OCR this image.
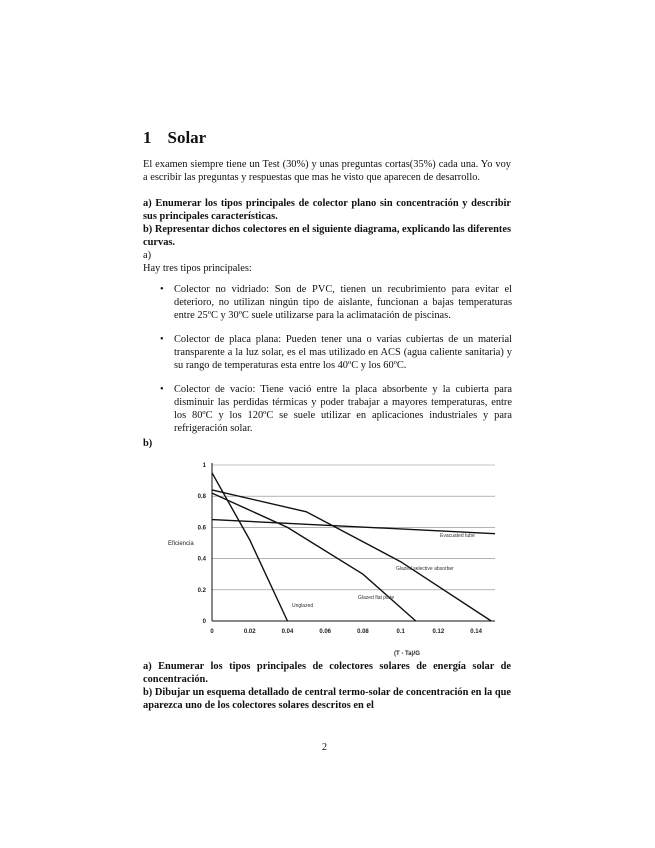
1 Solar
El examen siempre tiene un Test (30%) y unas preguntas cortas(35%) cada una. Yo voy a escribir las preguntas y respuestas que mas he visto que aparecen de desarrollo.
a) Enumerar los tipos principales de colector plano sin concentración y describir sus principales características.
b) Representar dichos colectores en el siguiente diagrama, explicando las diferentes curvas.
a)
Hay tres tipos principales:
• Colector no vidriado: Son de PVC, tienen un recubrimiento para evitar el deterioro, no utilizan ningún tipo de aislante, funcionan a bajas temperaturas entre 25ºC y 30ºC suele utilizarse para la aclimatación de piscinas.
• Colector de placa plana: Pueden tener una o varias cubiertas de un material transparente a la luz solar, es el mas utilizado en ACS (agua caliente sanitaria) y su rango de temperaturas esta entre los 40ºC y los 60ºC.
• Colector de vacío: Tiene vació entre la placa absorbente y la cubierta para disminuir las perdidas térmicas y poder trabajar a mayores temperaturas, entre los 80ºC y los 120ºC se suele utilizar en aplicaciones industriales y para refrigeración solar.
b)
0
0.2
0.4
0.6
0.8
1
0	0.02	0.04	0.06	0.08	0.1	0.12	0.14
Eficiencia
(T - Ta)/G
Unglazed
Glazed flat plate
Glazed selective absorber
Evacuated tube
a) Enumerar los tipos principales de colectores solares de energía solar de concentración.
b) Dibujar un esquema detallado de central termo-solar de concentración en la que aparezca uno de los colectores solares descritos en el
2
